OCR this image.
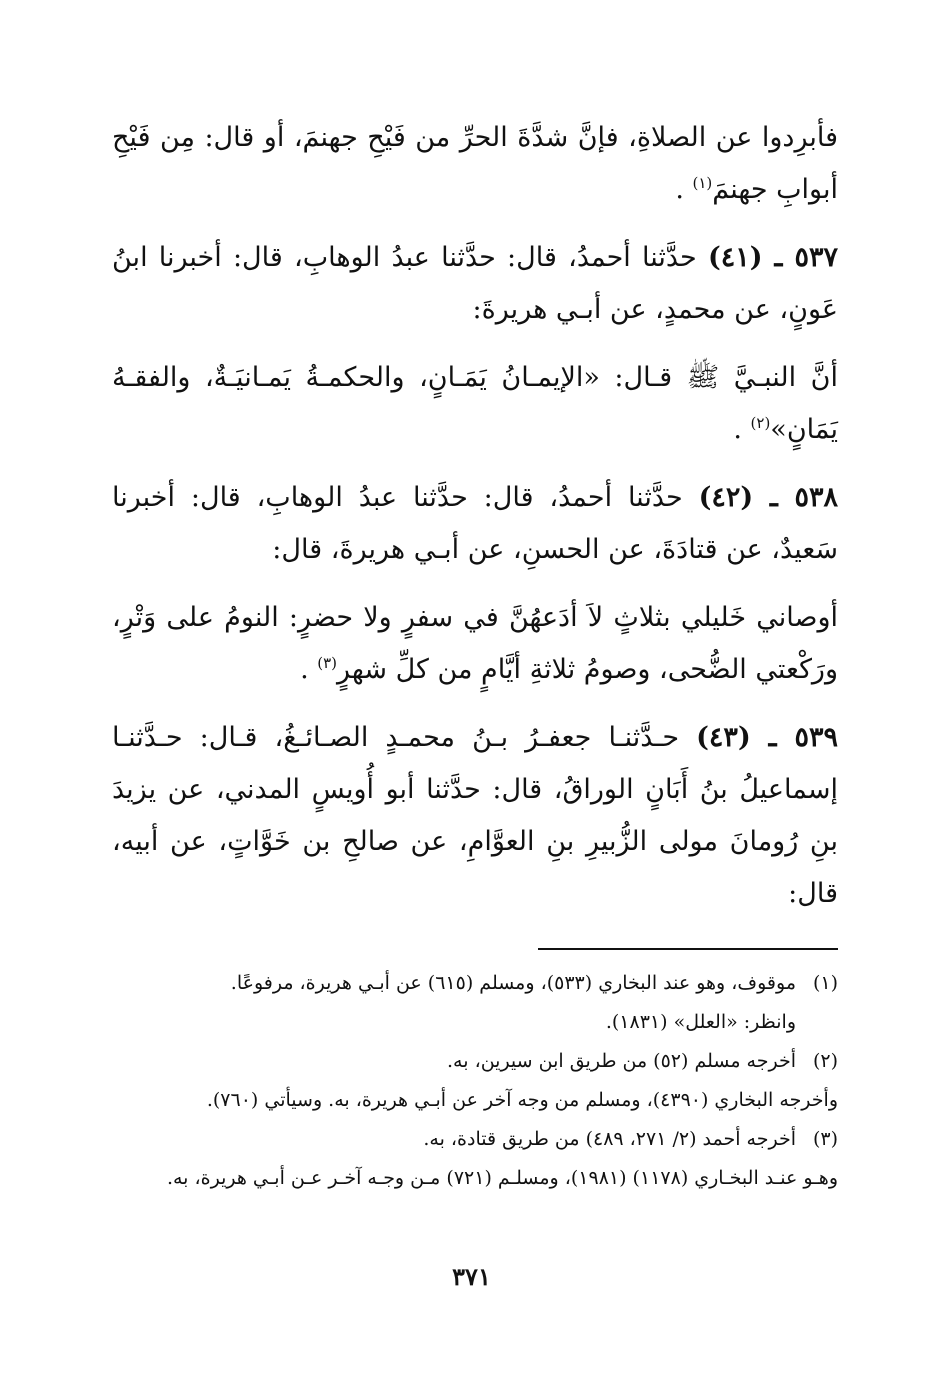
فأبرِدوا عن الصلاةِ، فإنَّ شدَّةَ الحرِّ من فَيْحِ جهنمَ، أو قال: مِن فَيْحِ أبوابِ جهنمَ$^{(١)}$ .

٥٣٧ ـ (٤١) حدَّثنا أحمدُ، قال: حدَّثنا عبدُ الوهابِ، قال: أخبرنا ابنُ عَونٍ، عن محمدٍ، عن أبـي هريرةَ:

أنَّ النبـيَّ ﷺ قـال: «الإيمـانُ يَمَـانٍ، والحكمـةُ يَمـانيَـةٌ، والفقـهُ يَمَانٍ»$^{(٢)}$ .

٥٣٨ ـ (٤٢) حدَّثنا أحمدُ، قال: حدَّثنا عبدُ الوهابِ، قال: أخبرنا سَعيدٌ، عن قتادَةَ، عن الحسنِ، عن أبـي هريرةَ، قال:

أوصاني خَليلي بثلاثٍ لاَ أدَعهُنَّ في سفرٍ ولا حضرٍ: النومُ على وَتْرٍ، ورَكْعتي الضُّحى، وصومُ ثلاثةِ أيَّامٍ من كلِّ شهرٍ$^{(٣)}$ .

٥٣٩ ـ (٤٣) حـدَّثنـا جعفـرُ بـنُ محمـدٍ الصـائـغُ، قـال: حـدَّثنـا إسماعيلُ بنُ أَبَانٍ الوراقُ، قال: حدَّثنا أبو أُويسٍ المدني، عن يزيدَ بنِ رُومانَ مولى الزُّبيرِ بنِ العوَّامِ، عن صالحِ بن خَوَّاتٍ، عن أبيه، قال:

(١)موقوف، وهو عند البخاري (٥٣٣)، ومسلم (٦١٥) عن أبـي هريرة، مرفوعًا.

وانظر: «العلل» (١٨٣١).

(٢)أخرجه مسلم (٥٢) من طريق ابن سيرين، به.

وأخرجه البخاري (٤٣٩٠)، ومسلم من وجه آخر عن أبـي هريرة، به. وسيأتي (٧٦٠).

(٣)أخرجه أحمد (٢/ ٢٧١، ٤٨٩) من طريق قتادة، به.

وهـو عنـد البخـاري (١١٧٨) (١٩٨١)، ومسلـم (٧٢١) مـن وجـه آخـر عـن أبـي هريرة، به.

٣٧١
